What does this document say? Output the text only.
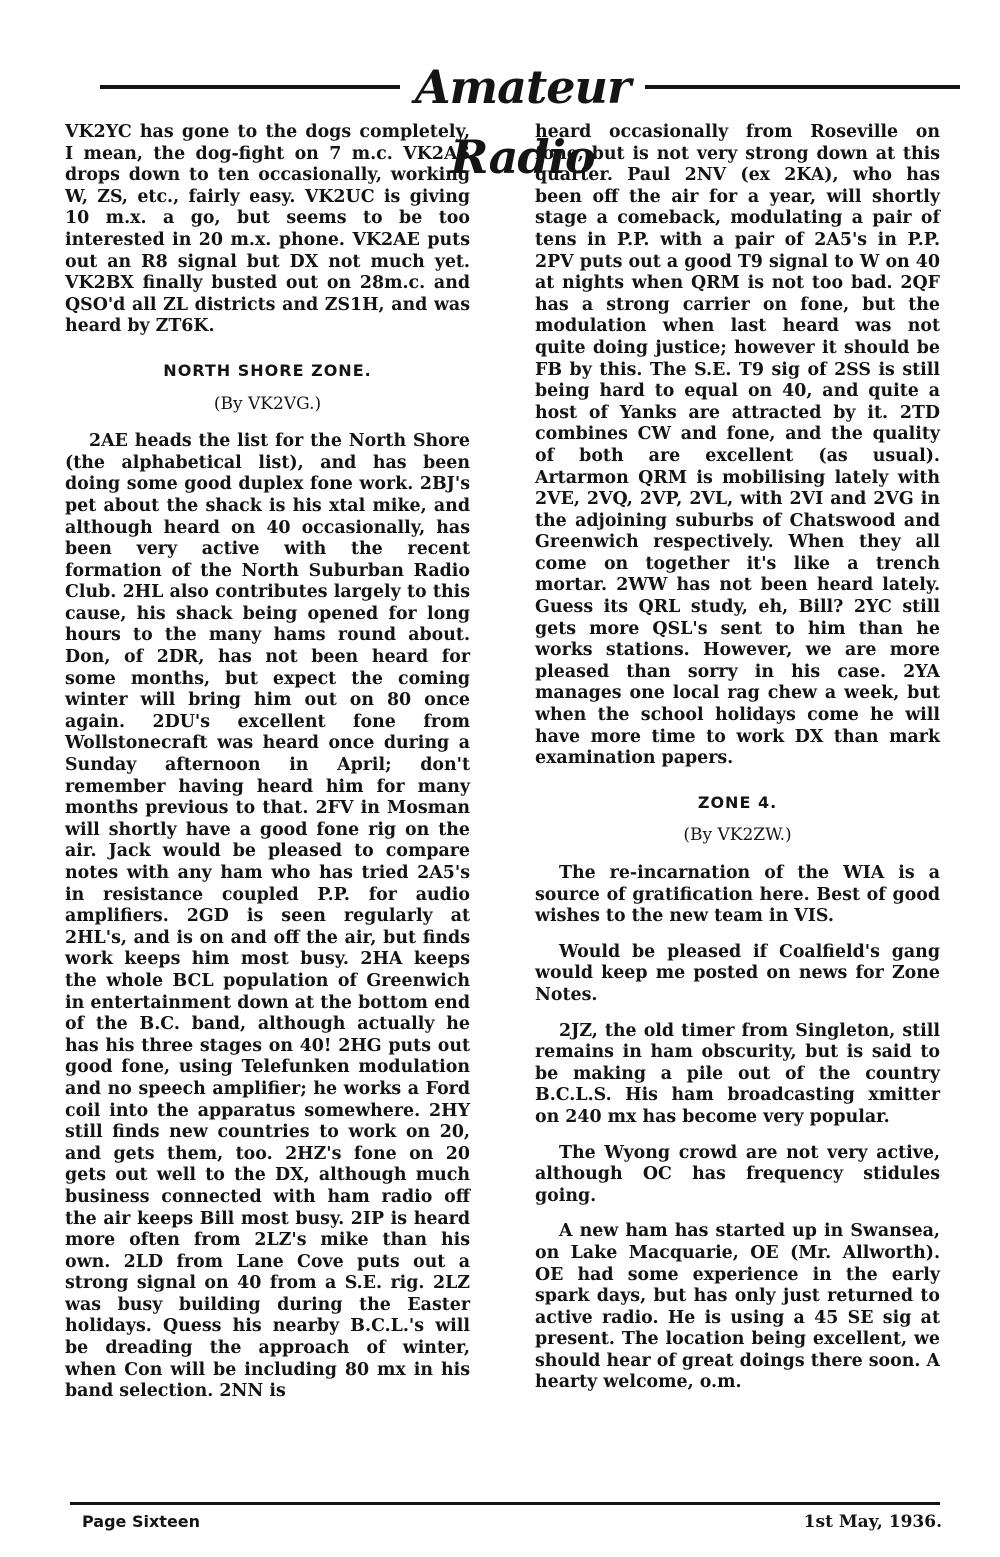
Amateur Radio

VK2YC has gone to the dogs completely, I mean, the dog-fight on 7 m.c. VK2AS drops down to ten occasionally, working W, ZS, etc., fairly easy. VK2UC is giving 10 m.x. a go, but seems to be too interested in 20 m.x. phone. VK2AE puts out an R8 signal but DX not much yet. VK2BX finally busted out on 28m.c. and QSO'd all ZL districts and ZS1H, and was heard by ZT6K.

NORTH SHORE ZONE.
(By VK2VG.)

2AE heads the list for the North Shore (the alphabetical list), and has been doing some good duplex fone work. 2BJ's pet about the shack is his xtal mike, and although heard on 40 occasionally, has been very active with the recent formation of the North Suburban Radio Club. 2HL also contributes largely to this cause, his shack being opened for long hours to the many hams round about. Don, of 2DR, has not been heard for some months, but expect the coming winter will bring him out on 80 once again. 2DU's excellent fone from Wollstonecraft was heard once during a Sunday afternoon in April; don't remember having heard him for many months previous to that. 2FV in Mosman will shortly have a good fone rig on the air. Jack would be pleased to compare notes with any ham who has tried 2A5's in resistance coupled P.P. for audio amplifiers. 2GD is seen regularly at 2HL's, and is on and off the air, but finds work keeps him most busy. 2HA keeps the whole BCL population of Greenwich in entertainment down at the bottom end of the B.C. band, although actually he has his three stages on 40! 2HG puts out good fone, using Telefunken modulation and no speech amplifier; he works a Ford coil into the apparatus somewhere. 2HY still finds new countries to work on 20, and gets them, too. 2HZ's fone on 20 gets out well to the DX, although much business connected with ham radio off the air keeps Bill most busy. 2IP is heard more often from 2LZ's mike than his own. 2LD from Lane Cove puts out a strong signal on 40 from a S.E. rig. 2LZ was busy building during the Easter holidays. Quess his nearby B.C.L.'s will be dreading the approach of winter, when Con will be including 80 mx in his band selection. 2NN is

heard occasionally from Roseville on fone, but is not very strong down at this quarter. Paul 2NV (ex 2KA), who has been off the air for a year, will shortly stage a comeback, modulating a pair of tens in P.P. with a pair of 2A5's in P.P. 2PV puts out a good T9 signal to W on 40 at nights when QRM is not too bad. 2QF has a strong carrier on fone, but the modulation when last heard was not quite doing justice; however it should be FB by this. The S.E. T9 sig of 2SS is still being hard to equal on 40, and quite a host of Yanks are attracted by it. 2TD combines CW and fone, and the quality of both are excellent (as usual). Artarmon QRM is mobilising lately with 2VE, 2VQ, 2VP, 2VL, with 2VI and 2VG in the adjoining suburbs of Chatswood and Greenwich respectively. When they all come on together it's like a trench mortar. 2WW has not been heard lately. Guess its QRL study, eh, Bill? 2YC still gets more QSL's sent to him than he works stations. However, we are more pleased than sorry in his case. 2YA manages one local rag chew a week, but when the school holidays come he will have more time to work DX than mark examination papers.

ZONE 4.
(By VK2ZW.)

The re-incarnation of the WIA is a source of gratification here. Best of good wishes to the new team in VIS.

Would be pleased if Coalfield's gang would keep me posted on news for Zone Notes.

2JZ, the old timer from Singleton, still remains in ham obscurity, but is said to be making a pile out of the country B.C.L.S. His ham broadcasting xmitter on 240 mx has become very popular.

The Wyong crowd are not very active, although OC has frequency stidules going.

A new ham has started up in Swansea, on Lake Macquarie, OE (Mr. Allworth). OE had some experience in the early spark days, but has only just returned to active radio. He is using a 45 SE sig at present. The location being excellent, we should hear of great doings there soon. A hearty welcome, o.m.

Page Sixteen	1st May, 1936.
